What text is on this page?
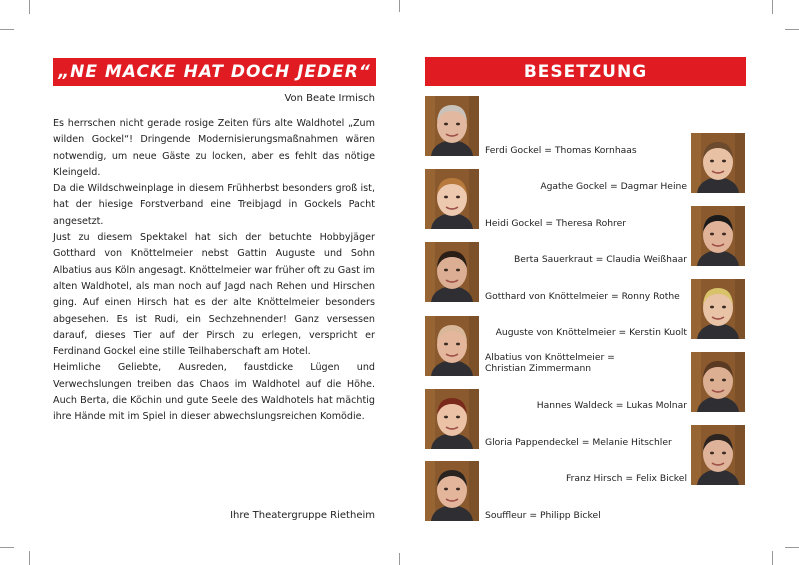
„NE MACKE HAT DOCH JEDER“
Von Beate Irmisch

Es herrschen nicht gerade rosige Zeiten fürs alte Waldhotel „Zum wilden Gockel“! Dringende Modernisierungsmaßnahmen wären notwendig, um neue Gäste zu locken, aber es fehlt das nötige Kleingeld.

Da die Wildschweinplage in diesem Frühherbst besonders groß ist, hat der hiesige Forstverband eine Treibjagd in Gockels Pacht angesetzt.

Just zu diesem Spektakel hat sich der betuchte Hobbyjäger Gotthard von Knöttelmeier nebst Gattin Auguste und Sohn Albatius aus Köln angesagt. Knöttelmeier war früher oft zu Gast im alten Waldhotel, als man noch auf Jagd nach Rehen und Hirschen ging. Auf einen Hirsch hat es der alte Knöttelmeier besonders abgesehen. Es ist Rudi, ein Sechzehnender! Ganz versessen darauf, dieses Tier auf der Pirsch zu erlegen, verspricht er Ferdinand Gockel eine stille Teilhaberschaft am Hotel.

Heimliche Geliebte, Ausreden, faustdicke Lügen und Verwechslungen treiben das Chaos im Waldhotel auf die Höhe. Auch Berta, die Köchin und gute Seele des Waldhotels hat mächtig ihre Hände mit im Spiel in dieser abwechslungsreichen Komödie.

Ihre Theatergruppe Rietheim
BESETZUNG
Ferdi Gockel = Thomas Kornhaas
Agathe Gockel = Dagmar Heine
Heidi Gockel = Theresa Rohrer
Berta Sauerkraut = Claudia Weißhaar
Gotthard von Knöttelmeier = Ronny Rothe
Auguste von Knöttelmeier = Kerstin Kuolt
Albatius von Knöttelmeier =
Christian Zimmermann
Hannes Waldeck = Lukas Molnar
Gloria Pappendeckel = Melanie Hitschler
Franz Hirsch = Felix Bickel
Souffleur = Philipp Bickel
